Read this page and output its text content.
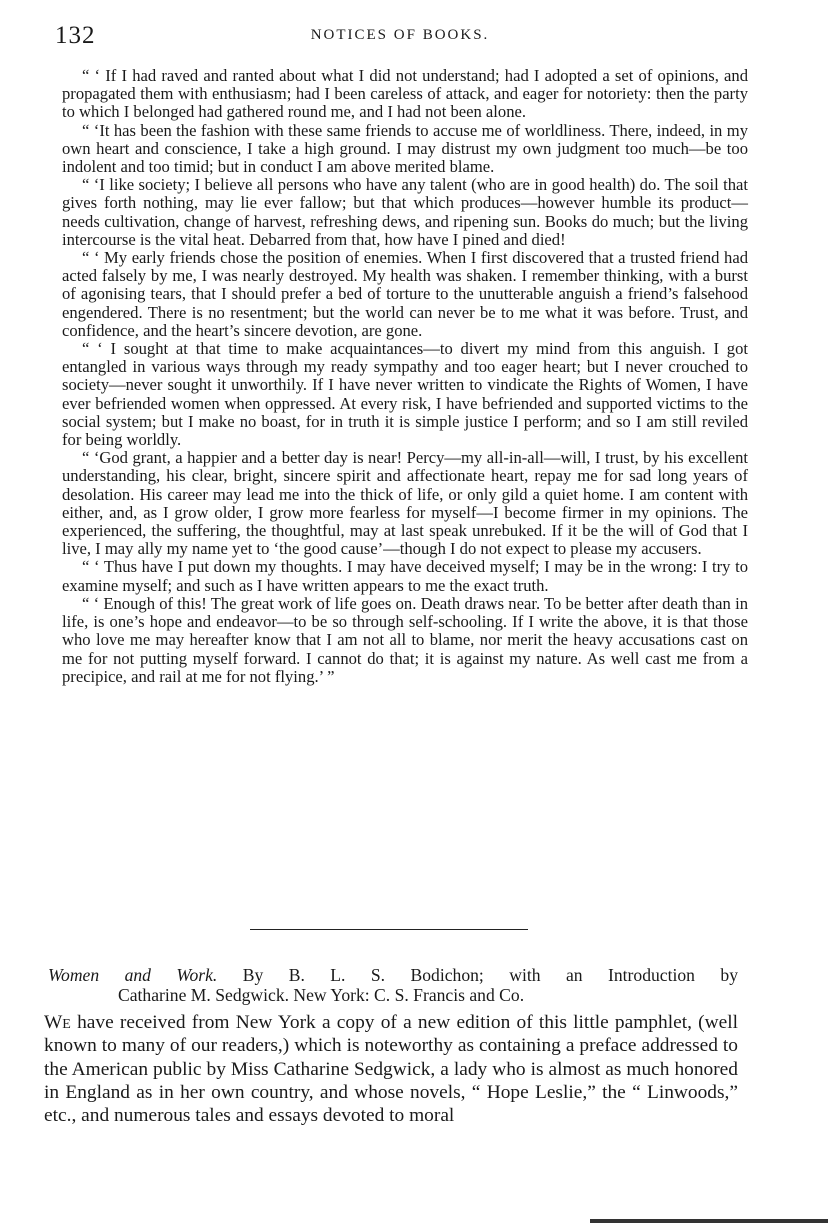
132	NOTICES OF BOOKS.

“ ‘ If I had raved and ranted about what I did not understand; had I adopted a set of opinions, and propagated them with enthusiasm; had I been careless of attack, and eager for notoriety: then the party to which I belonged had gathered round me, and I had not been alone.

“ ‘It has been the fashion with these same friends to accuse me of worldliness. There, indeed, in my own heart and conscience, I take a high ground. I may distrust my own judgment too much—be too indolent and too timid; but in conduct I am above merited blame.

“ ‘I like society; I believe all persons who have any talent (who are in good health) do. The soil that gives forth nothing, may lie ever fallow; but that which produces—however humble its product—needs cultivation, change of harvest, refreshing dews, and ripening sun. Books do much; but the living intercourse is the vital heat. Debarred from that, how have I pined and died!

“ ‘ My early friends chose the position of enemies. When I first discovered that a trusted friend had acted falsely by me, I was nearly destroyed. My health was shaken. I remember thinking, with a burst of agonising tears, that I should prefer a bed of torture to the unutterable anguish a friend’s falsehood engendered. There is no resentment; but the world can never be to me what it was before. Trust, and confidence, and the heart’s sincere devotion, are gone.

“ ‘ I sought at that time to make acquaintances—to divert my mind from this anguish. I got entangled in various ways through my ready sympathy and too eager heart; but I never crouched to society—never sought it unworthily. If I have never written to vindicate the Rights of Women, I have ever befriended women when oppressed. At every risk, I have befriended and supported victims to the social system; but I make no boast, for in truth it is simple justice I perform; and so I am still reviled for being worldly.

“ ‘God grant, a happier and a better day is near! Percy—my all-in-all—will, I trust, by his excellent understanding, his clear, bright, sincere spirit and affectionate heart, repay me for sad long years of desolation. His career may lead me into the thick of life, or only gild a quiet home. I am content with either, and, as I grow older, I grow more fearless for myself—I become firmer in my opinions. The experienced, the suffering, the thoughtful, may at last speak unrebuked. If it be the will of God that I live, I may ally my name yet to ‘the good cause’—though I do not expect to please my accusers.

“ ‘ Thus have I put down my thoughts. I may have deceived myself; I may be in the wrong: I try to examine myself; and such as I have written appears to me the exact truth.

“ ‘ Enough of this! The great work of life goes on. Death draws near. To be better after death than in life, is one’s hope and endeavor—to be so through self-schooling. If I write the above, it is that those who love me may hereafter know that I am not all to blame, nor merit the heavy accusations cast on me for not putting myself forward. I cannot do that; it is against my nature. As well cast me from a precipice, and rail at me for not flying.’ ”

Women and Work. By B. L. S. Bodichon; with an Introduction by
Catharine M. Sedgwick. New York: C. S. Francis and Co.

We have received from New York a copy of a new edition of this little pamphlet, (well known to many of our readers,) which is noteworthy as containing a preface addressed to the American public by Miss Catharine Sedgwick, a lady who is almost as much honored in England as in her own country, and whose novels, “ Hope Leslie,” the “ Linwoods,” etc., and numerous tales and essays devoted to moral
